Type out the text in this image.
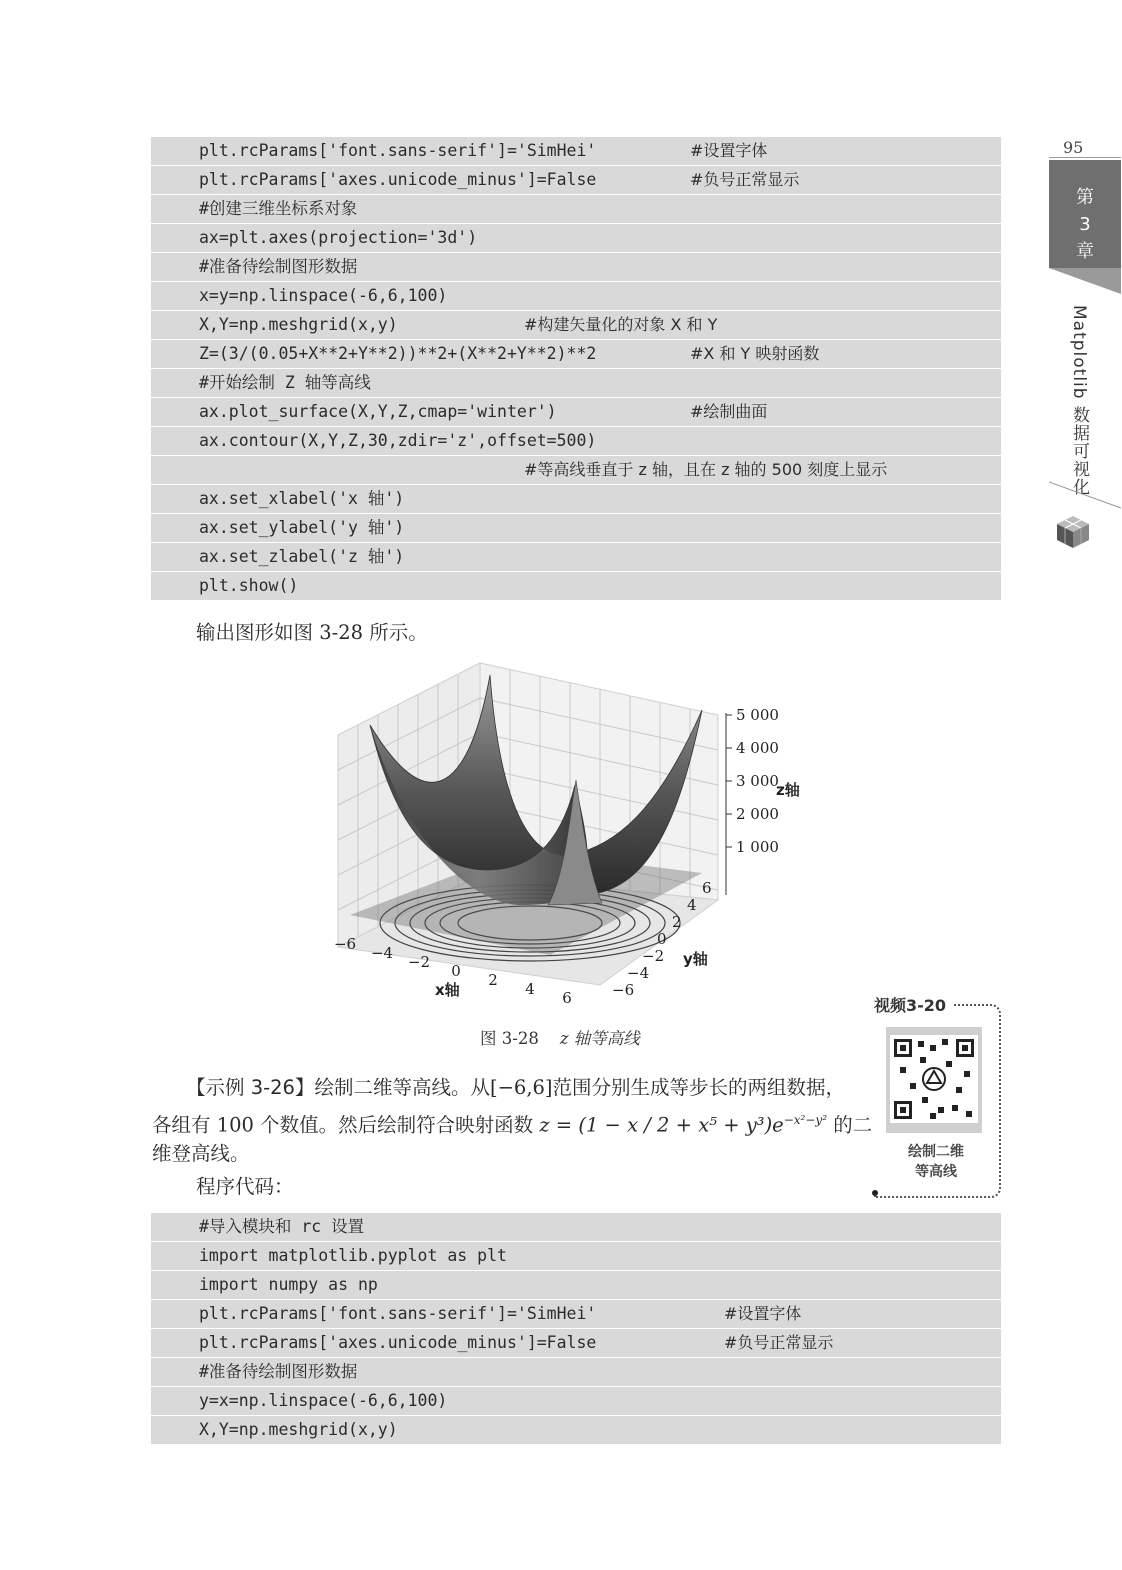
95
第
3
章
Matplotlib 数据可视化
plt.rcParams['font.sans-serif']='SimHei'	#设置字体
plt.rcParams['axes.unicode_minus']=False	#负号正常显示
#创建三维坐标系对象
ax=plt.axes(projection='3d')
#准备待绘制图形数据
x=y=np.linspace(-6,6,100)
X,Y=np.meshgrid(x,y)	#构建矢量化的对象 X 和 Y
Z=(3/(0.05+X**2+Y**2))**2+(X**2+Y**2)**2	#X 和 Y 映射函数
#开始绘制 Z 轴等高线
ax.plot_surface(X,Y,Z,cmap='winter')	#绘制曲面
ax.contour(X,Y,Z,30,zdir='z',offset=500)
#等高线垂直于 z 轴，且在 z 轴的 500 刻度上显示
ax.set_xlabel('x 轴')
ax.set_ylabel('y 轴')
ax.set_zlabel('z 轴')
plt.show()
输出图形如图 3-28 所示。
1 000
2 000
3 000
4 000
5 000
z轴
−6 −4 −2 0 2 4 6
x轴	−6
−4
−2
0
2
4
6
y轴
图 3-28 z 轴等高线
视频3-20
绘制二维
等高线
【示例 3-26】绘制二维等高线。从[−6,6]范围分别生成等步长的两组数据，
各组有 100 个数值。然后绘制符合映射函数 $z = (1 - x / 2 + x^5 + y^3)e^{-x^2-y^2}$ 的二
维登高线。
程序代码：
#导入模块和 rc 设置
import matplotlib.pyplot as plt
import numpy as np
plt.rcParams['font.sans-serif']='SimHei'	#设置字体
plt.rcParams['axes.unicode_minus']=False	#负号正常显示
#准备待绘制图形数据
y=x=np.linspace(-6,6,100)
X,Y=np.meshgrid(x,y)
